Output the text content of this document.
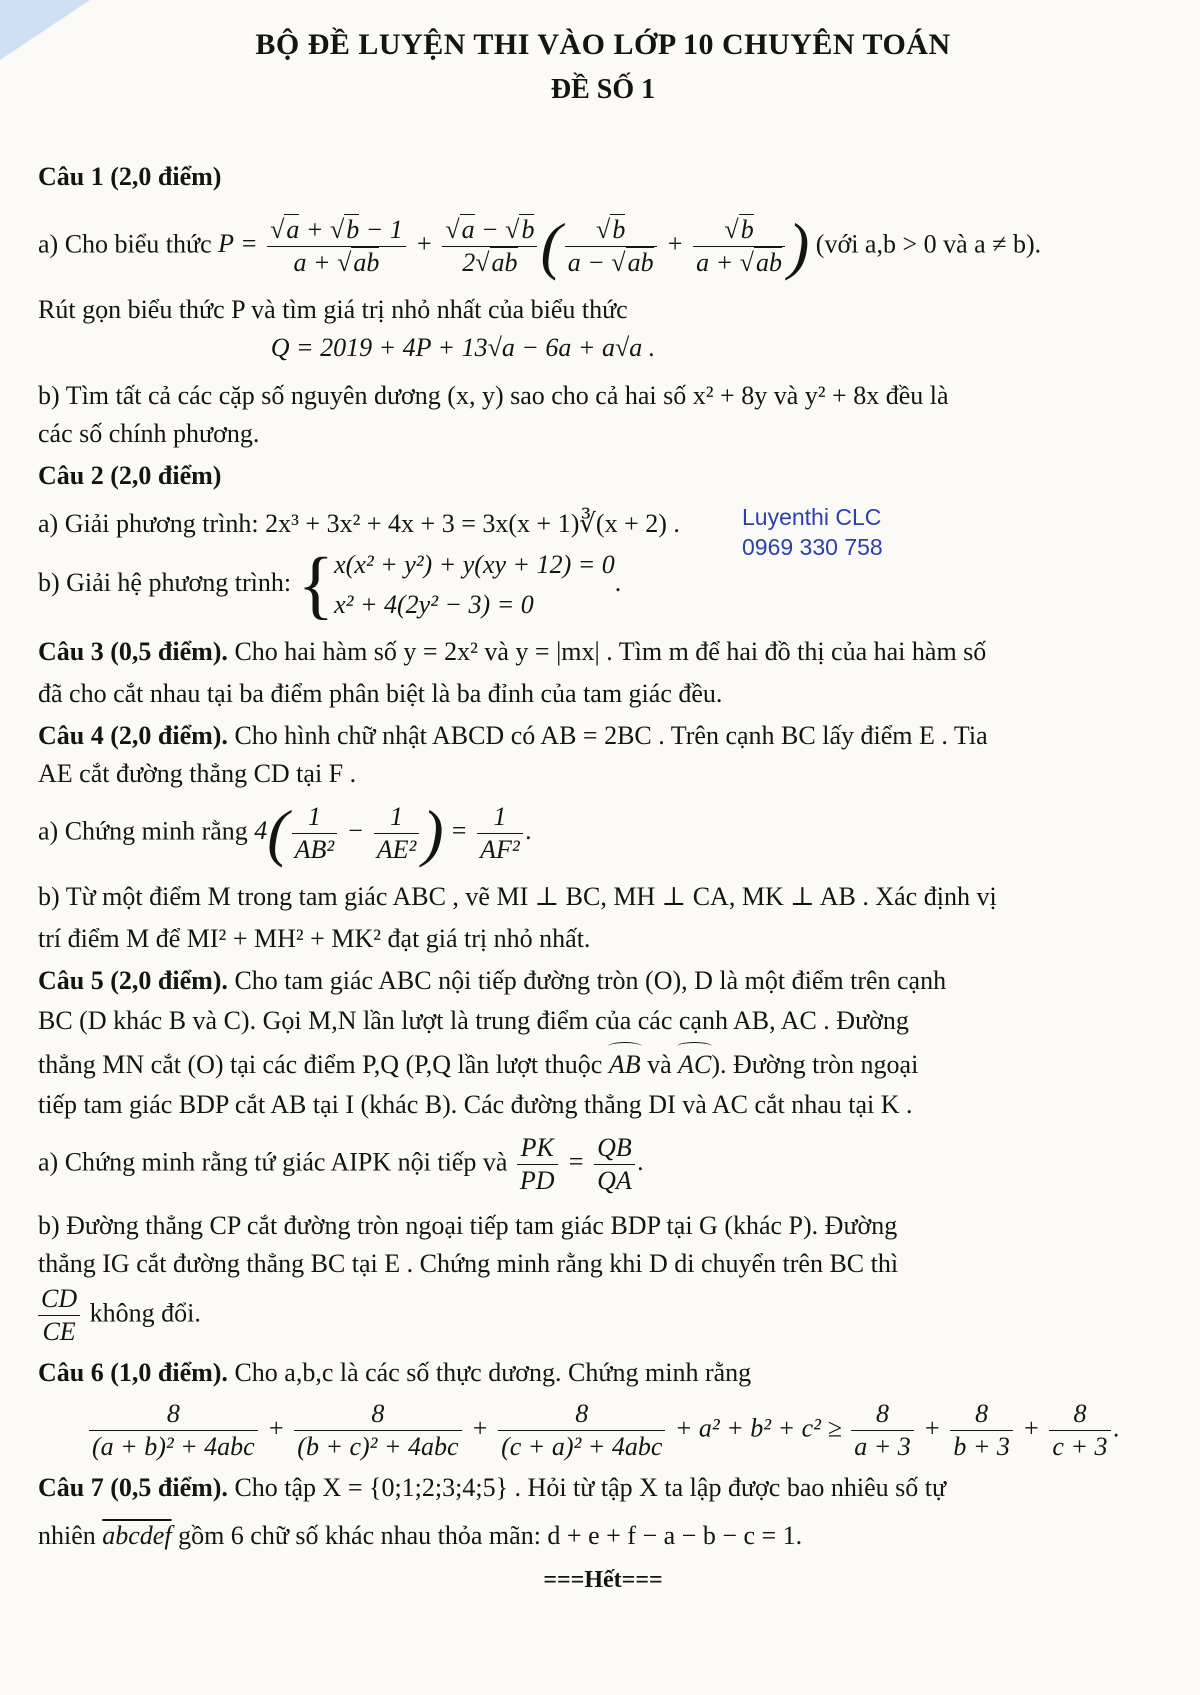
Luyenthi CLC
0969 330 758
BỘ ĐỀ LUYỆN THI VÀO LỚP 10 CHUYÊN TOÁN
ĐỀ SỐ 1

Câu 1 (2,0 điểm)

a) Cho biểu thức $P = \frac{√a + √b - 1}{a + √ab} + \frac{√a - √b}{2√ab}$ ( $\frac{√b}{a - √ab} + \frac{√b}{a + √ab}$ ) (với a,b > 0 và a ≠ b).

Rút gọn biểu thức P và tìm giá trị nhỏ nhất của biểu thức

Q = 2019 + 4P + 13√a − 6a + a√a .

b) Tìm tất cả các cặp số nguyên dương (x, y) sao cho cả hai số x² + 8y và y² + 8x đều là

các số chính phương.

Câu 2 (2,0 điểm)

a) Giải phương trình: 2x³ + 3x² + 4x + 3 = 3x(x + 1)∛(x + 2) .

b) Giải hệ phương trình: { x(x² + y²) + y(xy + 12) = 0
x² + 4(2y² − 3) = 0
.

Câu 3 (0,5 điểm). Cho hai hàm số y = 2x² và y = |mx| . Tìm m để hai đồ thị của hai hàm số

đã cho cắt nhau tại ba điểm phân biệt là ba đỉnh của tam giác đều.

Câu 4 (2,0 điểm). Cho hình chữ nhật ABCD có AB = 2BC . Trên cạnh BC lấy điểm E . Tia

AE cắt đường thẳng CD tại F .

a) Chứng minh rằng $4( \frac{1}{\text{AB²}} - \frac{1}{\text{AE²}}$ ) = $\frac{1}{\text{AF²}}$ .

b) Từ một điểm M trong tam giác ABC , vẽ MI ⊥ BC, MH ⊥ CA, MK ⊥ AB . Xác định vị

trí điểm M để MI² + MH² + MK² đạt giá trị nhỏ nhất.

Câu 5 (2,0 điểm). Cho tam giác ABC nội tiếp đường tròn (O), D là một điểm trên cạnh

BC (D khác B và C). Gọi M,N lần lượt là trung điểm của các cạnh AB, AC . Đường

thẳng MN cắt (O) tại các điểm P,Q (P,Q lần lượt thuộc AB và AC). Đường tròn ngoại

tiếp tam giác BDP cắt AB tại I (khác B). Các đường thẳng DI và AC cắt nhau tại K .

a) Chứng minh rằng tứ giác AIPK nội tiếp và $\frac{PK}{PD} = \frac{QB}{QA}$ .

b) Đường thẳng CP cắt đường tròn ngoại tiếp tam giác BDP tại G (khác P). Đường

thẳng IG cắt đường thẳng BC tại E . Chứng minh rằng khi D di chuyển trên BC thì

$\frac{CD}{CE}$ không đổi.

Câu 6 (1,0 điểm). Cho a,b,c là các số thực dương. Chứng minh rằng

$\frac{8}{\text{(a + b)² + 4abc}} + \frac{8}{\text{(b + c)² + 4abc}} + \frac{8}{\text{(c + a)² + 4abc}} + a^2 + b^2 + c^2 \ge \frac{8}{a + 3} + \frac{8}{b + 3} + \frac{8}{c + 3}$ .

Câu 7 (0,5 điểm). Cho tập X = {0;1;2;3;4;5} . Hỏi từ tập X ta lập được bao nhiêu số tự

nhiên abcdef gồm 6 chữ số khác nhau thỏa mãn: d + e + f − a − b − c = 1.

===Hết===
